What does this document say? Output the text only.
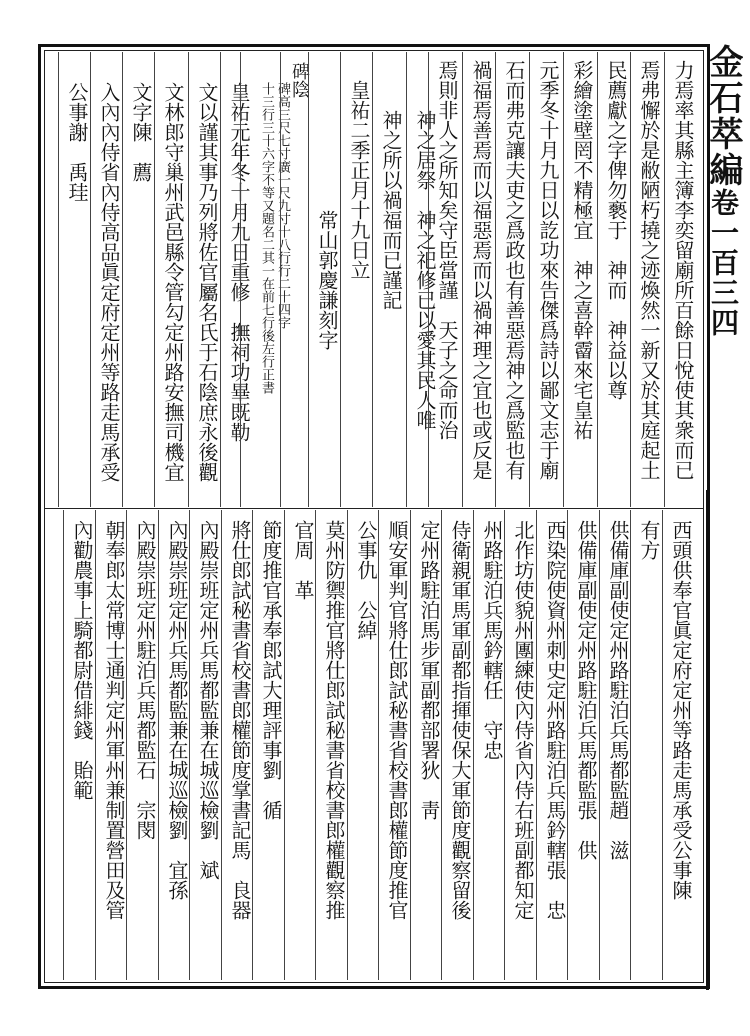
金石萃編卷一百三四
力焉率其縣主簿李奕留廟所百餘日悅使其衆而已
焉弗懈於是敝陋朽撓之迹煥然一新又於其庭起土
民薦獻之字俾勿褻于　神而　神益以尊
彩繪塗壁罔不精極宜　神之喜幹霤來宅皇祐
元季冬十月九日以訖功來告傑爲詩以鄙文志于廟
石而弗克讓夫吏之爲政也有善惡焉神之爲監也有
禍福焉善焉而以福惡焉而以禍神理之宜也或反是
焉則非人之所知矣守臣當謹　天子之命而治
神之居祭　神之祀修已以愛其民人唯
神之所以禍福而已謹記
皇祐二季正月十九日立
常山郭慶謙刻字
碑陰
碑高三尺七寸廣一尺九寸十八行行二十四字
十三行三十六字不等又題名二其一在前七行後左行正書
皇祐元年冬十月九日重修　撫祠功畢既勒
文以謹其事乃列將佐官屬名氏于石陰庶永後觀
文林郎守巢州武邑縣令管勾定州路安撫司機宜
文字陳　薦
入內內侍省內侍高品眞定府定州等路走馬承受
公事謝　禹珪
西頭供奉官眞定府定州等路走馬承受公事陳
有方
供備庫副使定州路駐泊兵馬都監趙　滋
供備庫副使定州路駐泊兵馬都監張　供
西染院使資州刺史定州路駐泊兵馬鈐轄張　忠
北作坊使貌州團練使內侍省內侍右班副都知定
州路駐泊兵馬鈐轄任　守忠
侍衛親軍馬軍副都指揮使保大軍節度觀察留後
定州路駐泊馬步軍副都部署狄　靑
順安軍判官將仕郎試秘書省校書郎權節度推官
公事仇　公綽
莫州防禦推官將仕郎試秘書省校書郎權觀察推
官周　革
節度推官承奉郎試大理評事劉　循
將仕郎試秘書省校書郎權節度掌書記馬　良器
內殿崇班定州兵馬都監兼在城巡檢劉　斌
內殿崇班定州兵馬都監兼在城巡檢劉　宜孫
內殿崇班定州駐泊兵馬都監石　宗閔
朝奉郎太常博士通判定州軍州兼制置營田及管
內勸農事上騎都尉借緋錢　貽範
